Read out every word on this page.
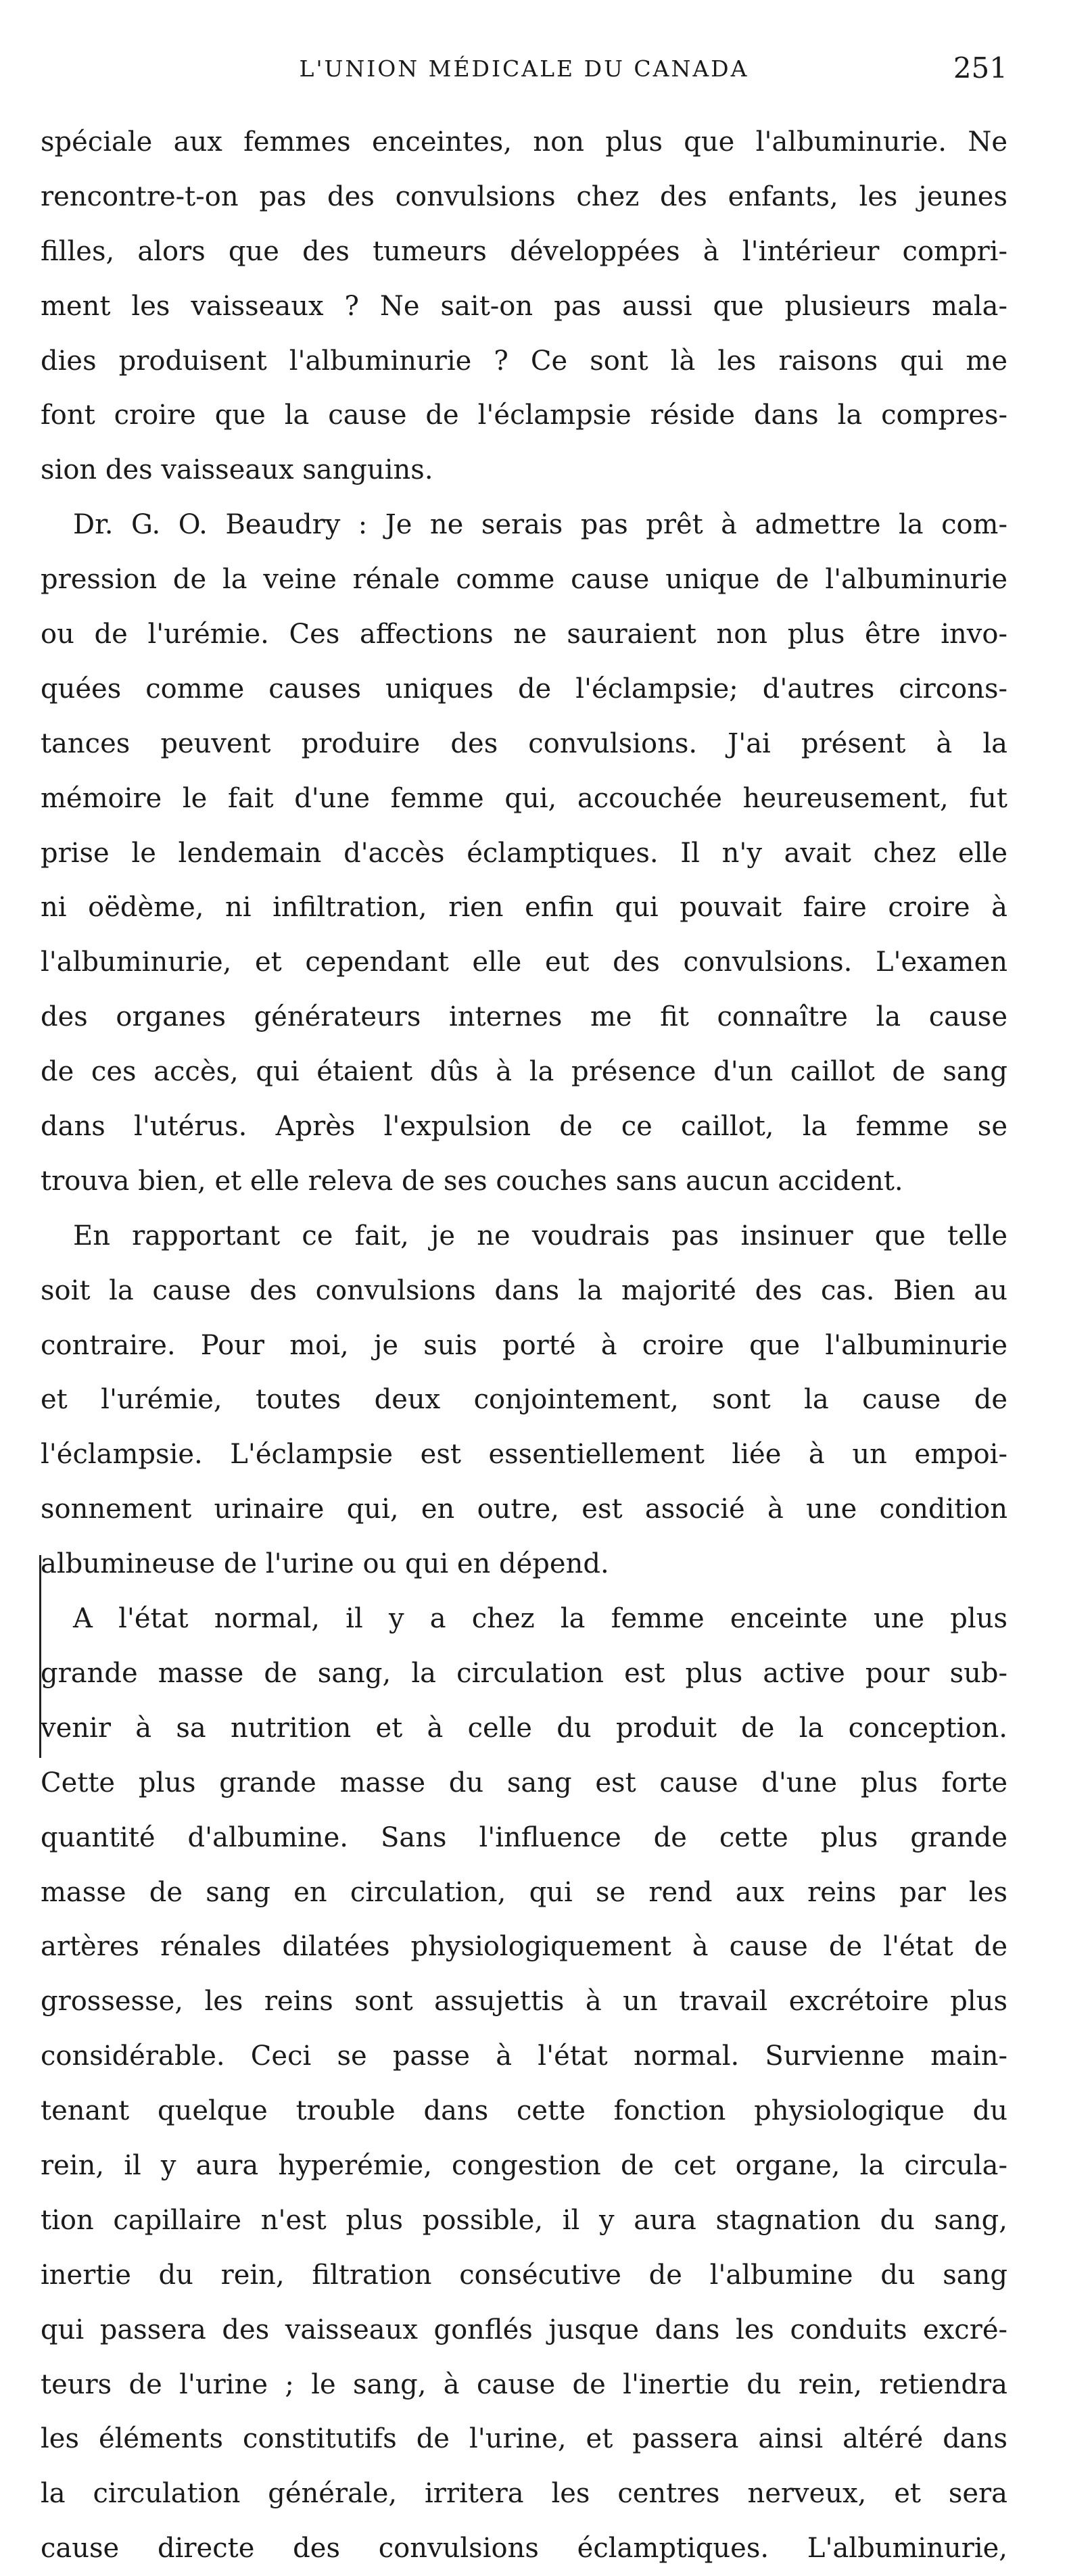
L'UNION MÉDICALE DU CANADA	251
spéciale aux femmes enceintes, non plus que l'albuminurie. Ne
rencontre-t-on pas des convulsions chez des enfants, les jeunes
filles, alors que des tumeurs développées à l'intérieur compri-
ment les vaisseaux ? Ne sait-on pas aussi que plusieurs mala-
dies produisent l'albuminurie ? Ce sont là les raisons qui me
font croire que la cause de l'éclampsie réside dans la compres-
sion des vaisseaux sanguins.
Dr. G. O. Beaudry : Je ne serais pas prêt à admettre la com-
pression de la veine rénale comme cause unique de l'albuminurie
ou de l'urémie. Ces affections ne sauraient non plus être invo-
quées comme causes uniques de l'éclampsie; d'autres circons-
tances peuvent produire des convulsions. J'ai présent à la
mémoire le fait d'une femme qui, accouchée heureusement, fut
prise le lendemain d'accès éclamptiques. Il n'y avait chez elle
ni oëdème, ni infiltration, rien enfin qui pouvait faire croire à
l'albuminurie, et cependant elle eut des convulsions. L'examen
des organes générateurs internes me fit connaître la cause
de ces accès, qui étaient dûs à la présence d'un caillot de sang
dans l'utérus. Après l'expulsion de ce caillot, la femme se
trouva bien, et elle releva de ses couches sans aucun accident.
En rapportant ce fait, je ne voudrais pas insinuer que telle
soit la cause des convulsions dans la majorité des cas. Bien au
contraire. Pour moi, je suis porté à croire que l'albuminurie
et l'urémie, toutes deux conjointement, sont la cause de
l'éclampsie. L'éclampsie est essentiellement liée à un empoi-
sonnement urinaire qui, en outre, est associé à une condition
albumineuse de l'urine ou qui en dépend.
A l'état normal, il y a chez la femme enceinte une plus
grande masse de sang, la circulation est plus active pour sub-
venir à sa nutrition et à celle du produit de la conception.
Cette plus grande masse du sang est cause d'une plus forte
quantité d'albumine. Sans l'influence de cette plus grande
masse de sang en circulation, qui se rend aux reins par les
artères rénales dilatées physiologiquement à cause de l'état de
grossesse, les reins sont assujettis à un travail excrétoire plus
considérable. Ceci se passe à l'état normal. Survienne main-
tenant quelque trouble dans cette fonction physiologique du
rein, il y aura hyperémie, congestion de cet organe, la circula-
tion capillaire n'est plus possible, il y aura stagnation du sang,
inertie du rein, filtration consécutive de l'albumine du sang
qui passera des vaisseaux gonflés jusque dans les conduits excré-
teurs de l'urine ; le sang, à cause de l'inertie du rein, retiendra
les éléments constitutifs de l'urine, et passera ainsi altéré dans
la circulation générale, irritera les centres nerveux, et sera
cause directe des convulsions éclamptiques. L'albuminurie,
